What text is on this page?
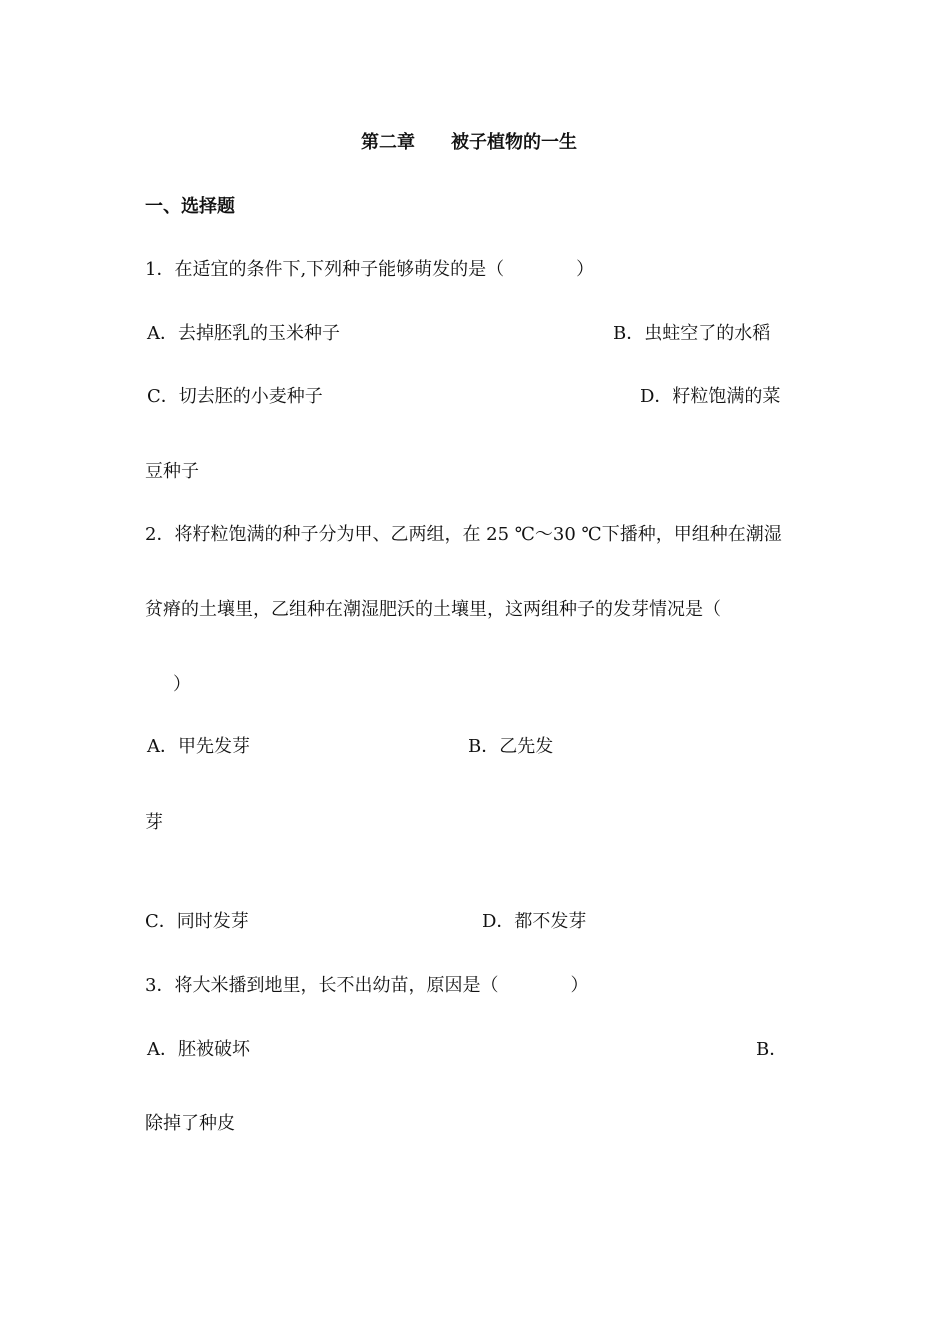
第二章　　被子植物的一生
一、选择题
1．在适宜的条件下,下列种子能够萌发的是（　　　　）
A．去掉胚乳的玉米种子	B．虫蛀空了的水稻
C．切去胚的小麦种子	D．籽粒饱满的菜
豆种子
2．将籽粒饱满的种子分为甲、乙两组，在 25 ℃～30 ℃下播种，甲组种在潮湿
贫瘠的土壤里，乙组种在潮湿肥沃的土壤里，这两组种子的发芽情况是（
）
A．甲先发芽	B．乙先发
芽
C．同时发芽	D．都不发芽
3．将大米播到地里，长不出幼苗，原因是（　　　　）
A．胚被破坏	B．
除掉了种皮
